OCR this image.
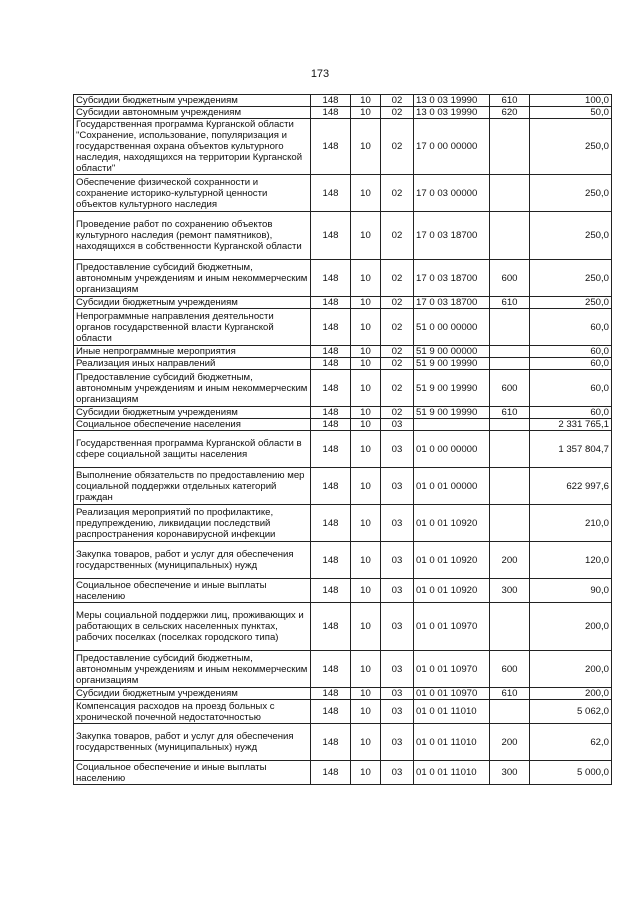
173
Субсидии бюджетным учреждениям	148	10	02	13 0 03 19990	610	100,0
Субсидии автономным учреждениям	148	10	02	13 0 03 19990	620	50,0
Государственная программа Курганской области "Сохранение, использование, популяризация и государственная охрана объектов культурного наследия, находящихся на территории Курганской области"	148	10	02	17 0 00 00000		250,0
Обеспечение физической сохранности и сохранение историко-культурной ценности объектов культурного наследия	148	10	02	17 0 03 00000		250,0
Проведение работ по сохранению объектов культурного наследия (ремонт памятников), находящихся в собственности Курганской области	148	10	02	17 0 03 18700		250,0
Предоставление субсидий бюджетным, автономным учреждениям и иным некоммерческим организациям	148	10	02	17 0 03 18700	600	250,0
Субсидии бюджетным учреждениям	148	10	02	17 0 03 18700	610	250,0
Непрограммные направления деятельности органов государственной власти Курганской области	148	10	02	51 0 00 00000		60,0
Иные непрограммные мероприятия	148	10	02	51 9 00 00000		60,0
Реализация иных направлений	148	10	02	51 9 00 19990		60,0
Предоставление субсидий бюджетным, автономным учреждениям и иным некоммерческим организациям	148	10	02	51 9 00 19990	600	60,0
Субсидии бюджетным учреждениям	148	10	02	51 9 00 19990	610	60,0
Социальное обеспечение населения	148	10	03			2 331 765,1
Государственная программа Курганской области в сфере социальной защиты населения	148	10	03	01 0 00 00000		1 357 804,7
Выполнение обязательств по предоставлению мер социальной поддержки отдельных категорий граждан	148	10	03	01 0 01 00000		622 997,6
Реализация мероприятий по профилактике, предупреждению, ликвидации последствий распространения коронавирусной инфекции	148	10	03	01 0 01 10920		210,0
Закупка товаров, работ и услуг для обеспечения государственных (муниципальных) нужд	148	10	03	01 0 01 10920	200	120,0
Социальное обеспечение и иные выплаты населению	148	10	03	01 0 01 10920	300	90,0
Меры социальной поддержки лиц, проживающих и работающих в сельских населенных пунктах, рабочих поселках (поселках городского типа)	148	10	03	01 0 01 10970		200,0
Предоставление субсидий бюджетным, автономным учреждениям и иным некоммерческим организациям	148	10	03	01 0 01 10970	600	200,0
Субсидии бюджетным учреждениям	148	10	03	01 0 01 10970	610	200,0
Компенсация расходов на проезд больных с хронической почечной недостаточностью	148	10	03	01 0 01 11010		5 062,0
Закупка товаров, работ и услуг для обеспечения государственных (муниципальных) нужд	148	10	03	01 0 01 11010	200	62,0
Социальное обеспечение и иные выплаты населению	148	10	03	01 0 01 11010	300	5 000,0
